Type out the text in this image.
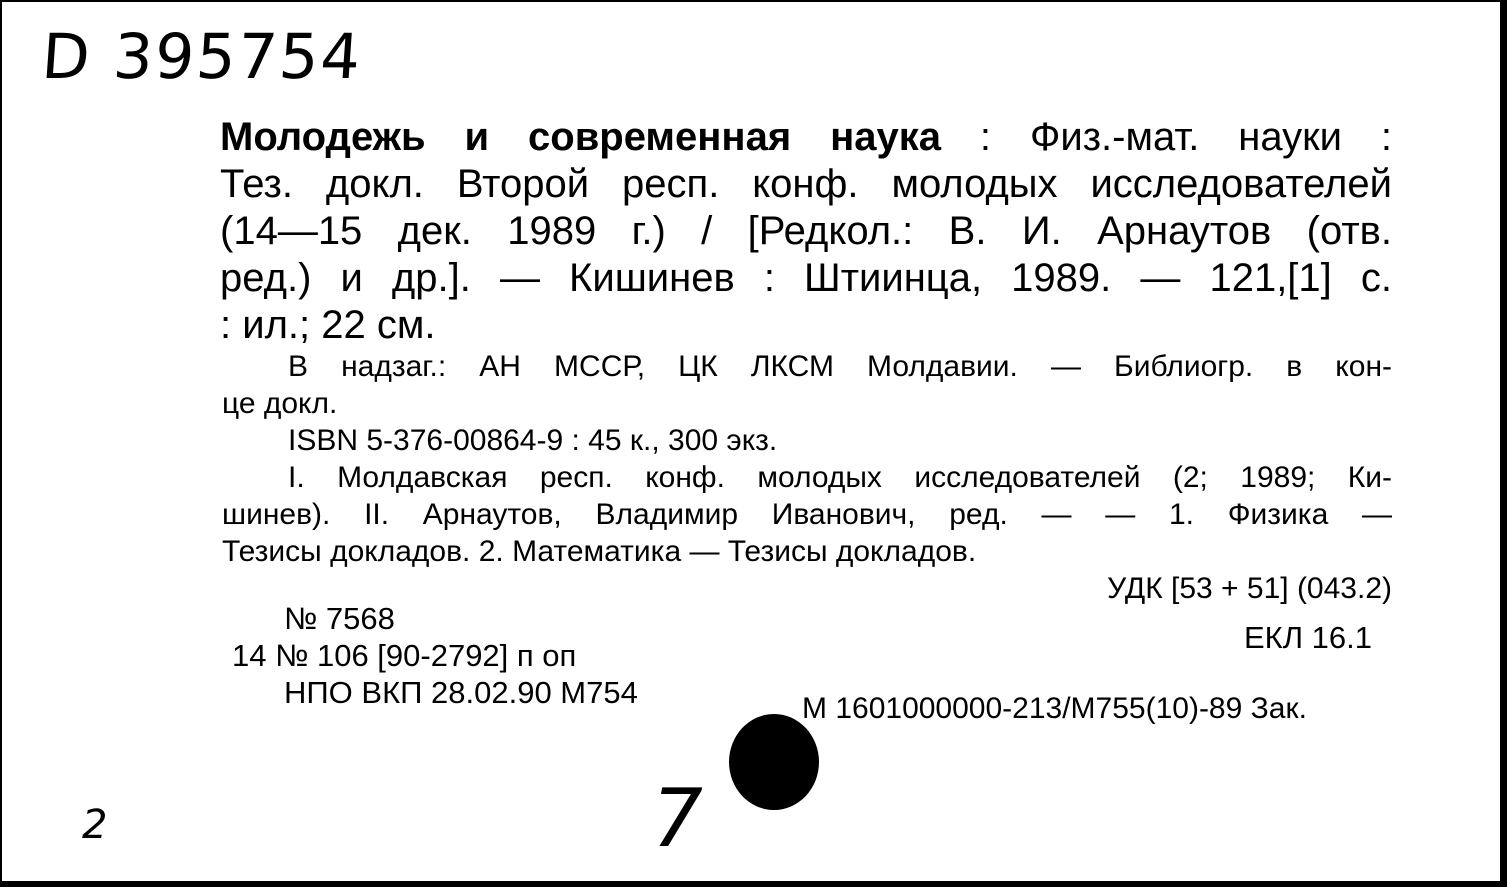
D 395754
Молодежь и современная наука : Физ.-мат. науки :
Тез. докл. Второй респ. конф. молодых исследователей
(14—15 дек. 1989 г.) / [Редкол.: В. И. Арнаутов (отв.
ред.) и др.]. — Кишинев : Штиинца, 1989. — 121,[1] с.
: ил.; 22 см.
В надзаг.: АН МССР, ЦК ЛКСМ Молдавии. — Библиогр. в кон-
це докл.
ISBN 5-376-00864-9 : 45 к., 300 экз.
I. Молдавская респ. конф. молодых исследователей (2; 1989; Ки-
шинев). II. Арнаутов, Владимир Иванович, ред. — — 1. Физика —
Тезисы докладов. 2. Математика — Тезисы докладов.
УДК [53 + 51] (043.2)
№ 7568
14 № 106 [90-2792] п оп
НПО ВКП 28.02.90 М754
ЕКЛ 16.1
М 1601000000-213/М755(10)-89 Зак.
2	7
